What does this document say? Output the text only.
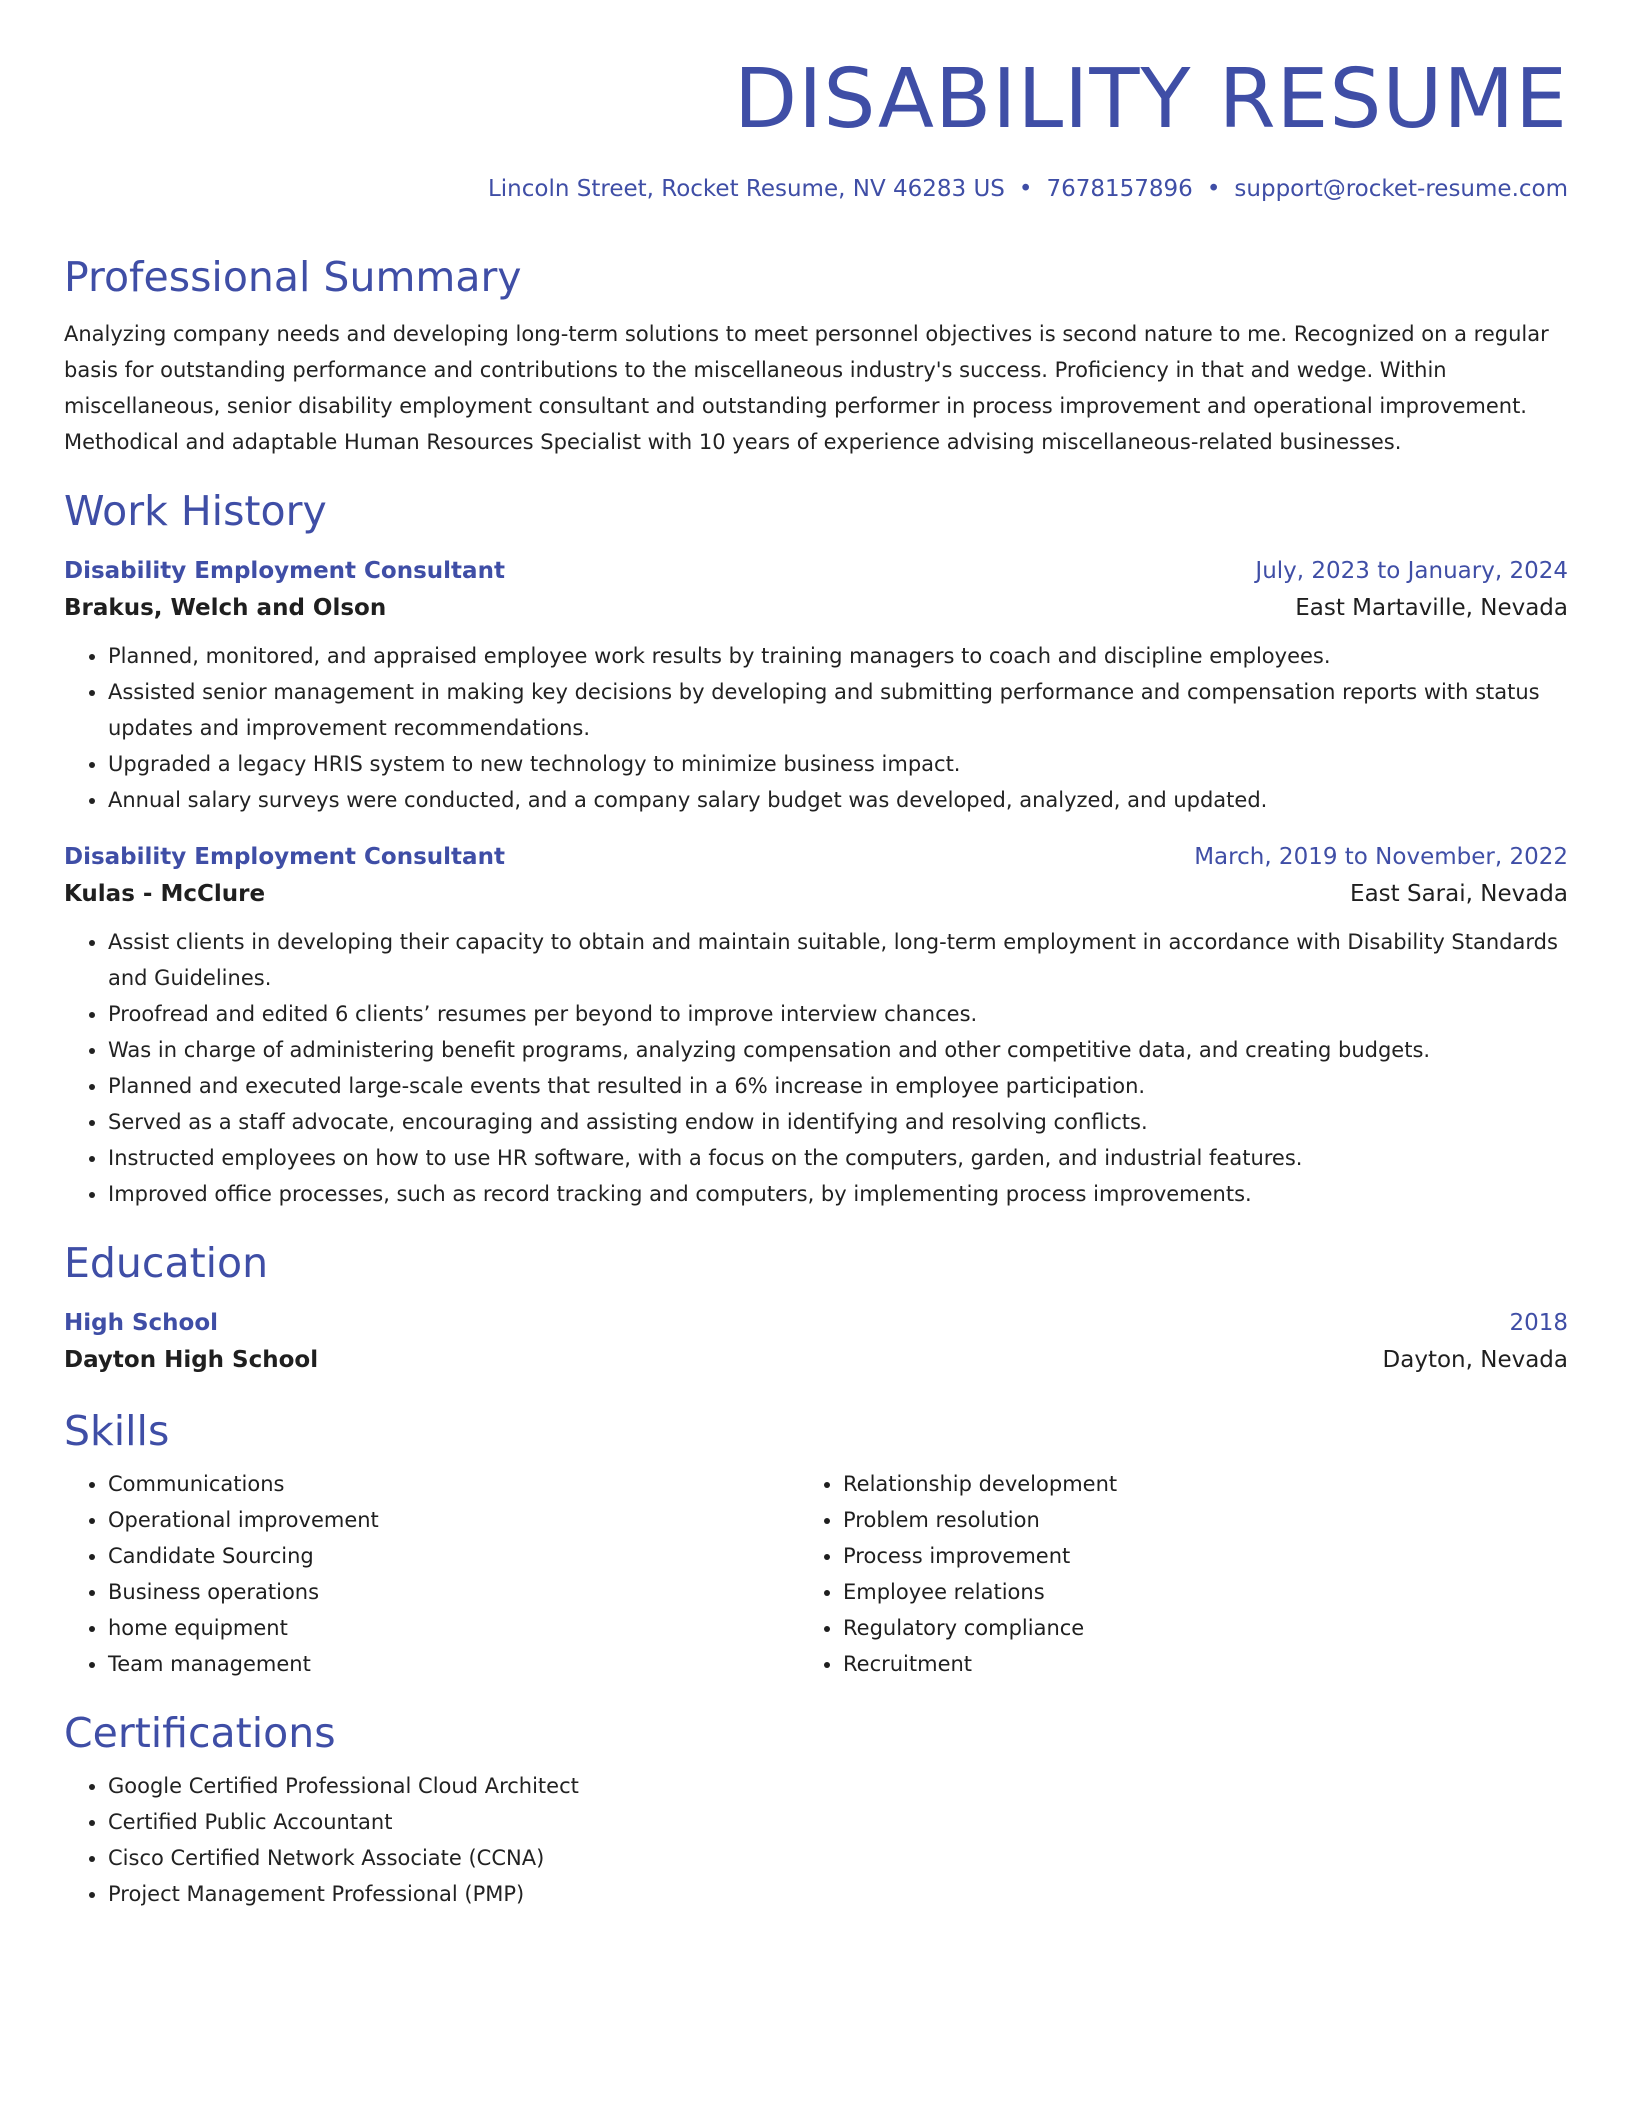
DISABILITY RESUME
Lincoln Street, Rocket Resume, NV 46283 US • 7678157896 • support@rocket-resume.com
Professional Summary

Analyzing company needs and developing long-term solutions to meet personnel objectives is second nature to me. Recognized on a regular basis for outstanding performance and contributions to the miscellaneous industry's success. Proficiency in that and wedge. Within miscellaneous, senior disability employment consultant and outstanding performer in process improvement and operational improvement. Methodical and adaptable Human Resources Specialist with 10 years of experience advising miscellaneous-related businesses.

Work History
Disability Employment Consultant	July, 2023 to January, 2024
Brakus, Welch and Olson	East Martaville, Nevada
• Planned, monitored, and appraised employee work results by training managers to coach and discipline employees.
• Assisted senior management in making key decisions by developing and submitting performance and compensation reports with status updates and improvement recommendations.
• Upgraded a legacy HRIS system to new technology to minimize business impact.
• Annual salary surveys were conducted, and a company salary budget was developed, analyzed, and updated.
Disability Employment Consultant	March, 2019 to November, 2022
Kulas - McClure	East Sarai, Nevada
• Assist clients in developing their capacity to obtain and maintain suitable, long-term employment in accordance with Disability Standards and Guidelines.
• Proofread and edited 6 clients’ resumes per beyond to improve interview chances.
• Was in charge of administering benefit programs, analyzing compensation and other competitive data, and creating budgets.
• Planned and executed large-scale events that resulted in a 6% increase in employee participation.
• Served as a staff advocate, encouraging and assisting endow in identifying and resolving conflicts.
• Instructed employees on how to use HR software, with a focus on the computers, garden, and industrial features.
• Improved office processes, such as record tracking and computers, by implementing process improvements.
Education
High School	2018
Dayton High School	Dayton, Nevada
Skills
• Communications
• Operational improvement
• Candidate Sourcing
• Business operations
• home equipment
• Team management
• Relationship development
• Problem resolution
• Process improvement
• Employee relations
• Regulatory compliance
• Recruitment
Certifications
• Google Certified Professional Cloud Architect
• Certified Public Accountant
• Cisco Certified Network Associate (CCNA)
• Project Management Professional (PMP)
